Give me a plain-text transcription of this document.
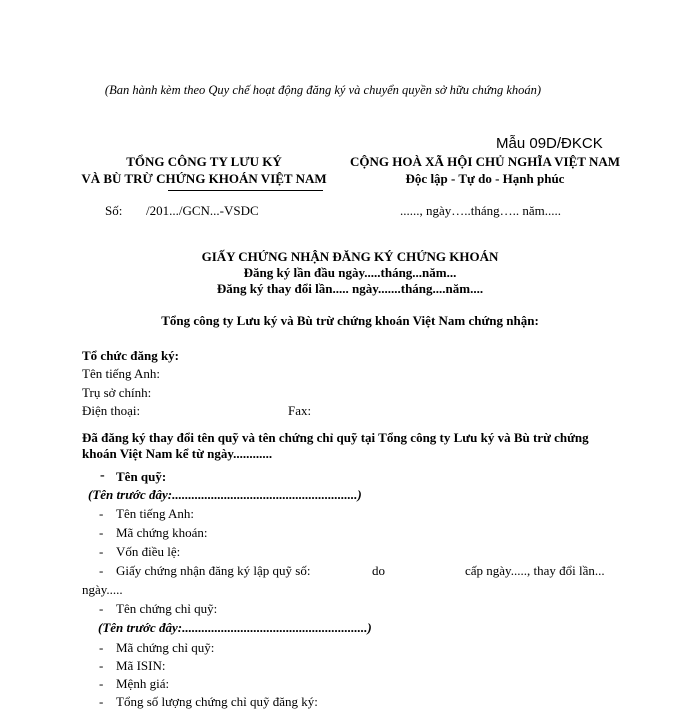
(Ban hành kèm theo Quy chế hoạt động đăng ký và chuyển quyền sở hữu chứng khoán)
Mẫu 09D/ĐKCK
TỔNG CÔNG TY LƯU KÝ
VÀ BÙ TRỪ CHỨNG KHOÁN VIỆT NAM
Số: /201.../GCN...-VSDC
CỘNG HOÀ XÃ HỘI CHỦ NGHĨA VIỆT NAM
Độc lập - Tự do - Hạnh phúc
......, ngày…..tháng….. năm.....
GIẤY CHỨNG NHẬN ĐĂNG KÝ CHỨNG KHOÁN
Đăng ký lần đầu ngày.....tháng...năm...
Đăng ký thay đổi lần..... ngày.......tháng....năm....
Tổng công ty Lưu ký và Bù trừ chứng khoán Việt Nam chứng nhận:
Tổ chức đăng ký:
Tên tiếng Anh:
Trụ sở chính:
Điện thoại:	Fax:
Đã đăng ký thay đổi tên quỹ và tên chứng chỉ quỹ tại Tổng công ty Lưu ký và Bù trừ chứng
khoán Việt Nam kể từ ngày............
- Tên quỹ:
(Tên trước đây:.........................................................)
- Tên tiếng Anh:
- Mã chứng khoán:
- Vốn điều lệ:
- Giấy chứng nhận đăng ký lập quỹ số:	do	cấp ngày....., thay đổi lần...
ngày.....
- Tên chứng chỉ quỹ:
(Tên trước đây:.........................................................)
- Mã chứng chỉ quỹ:
- Mã ISIN:
- Mệnh giá:
- Tổng số lượng chứng chỉ quỹ đăng ký:
